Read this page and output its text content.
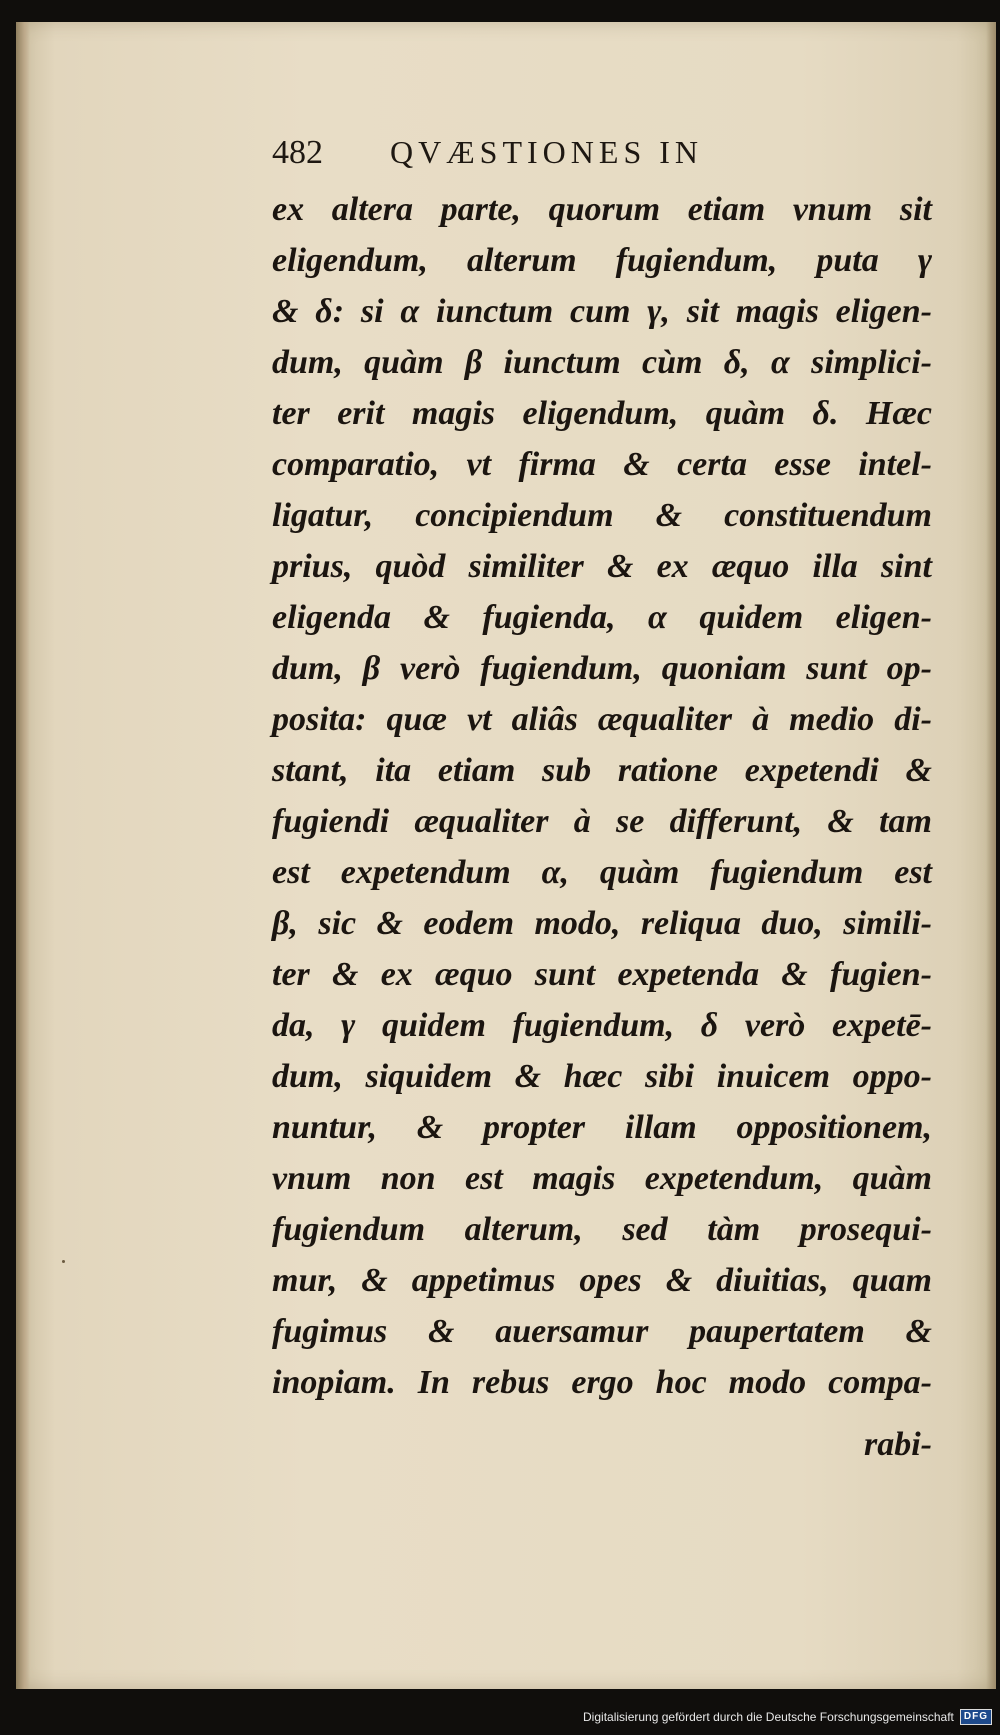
482 QVÆSTIONES IN
ex altera parte, quorum etiam vnum sit
eligendum, alterum fugiendum, puta γ
& δ: si α iunctum cum γ, sit magis eligen-
dum, quàm β iunctum cùm δ, α simplici-
ter erit magis eligendum, quàm δ. Hæc
comparatio, vt firma & certa esse intel-
ligatur, concipiendum & constituendum
prius, quòd similiter & ex æquo illa sint
eligenda & fugienda, α quidem eligen-
dum, β verò fugiendum, quoniam sunt op-
posita: quæ vt aliâs æqualiter à medio di-
stant, ita etiam sub ratione expetendi &
fugiendi æqualiter à se differunt, & tam
est expetendum α, quàm fugiendum est
β, sic & eodem modo, reliqua duo, simili-
ter & ex æquo sunt expetenda & fugien-
da, γ quidem fugiendum, δ verò expetē-
dum, siquidem & hæc sibi inuicem oppo-
nuntur, & propter illam oppositionem,
vnum non est magis expetendum, quàm
fugiendum alterum, sed tàm prosequi-
mur, & appetimus opes & diuitias, quam
fugimus & auersamur paupertatem &
inopiam. In rebus ergo hoc modo compa-
rabi-
Digitalisierung gefördert durch die Deutsche Forschungsgemeinschaft	DFG
